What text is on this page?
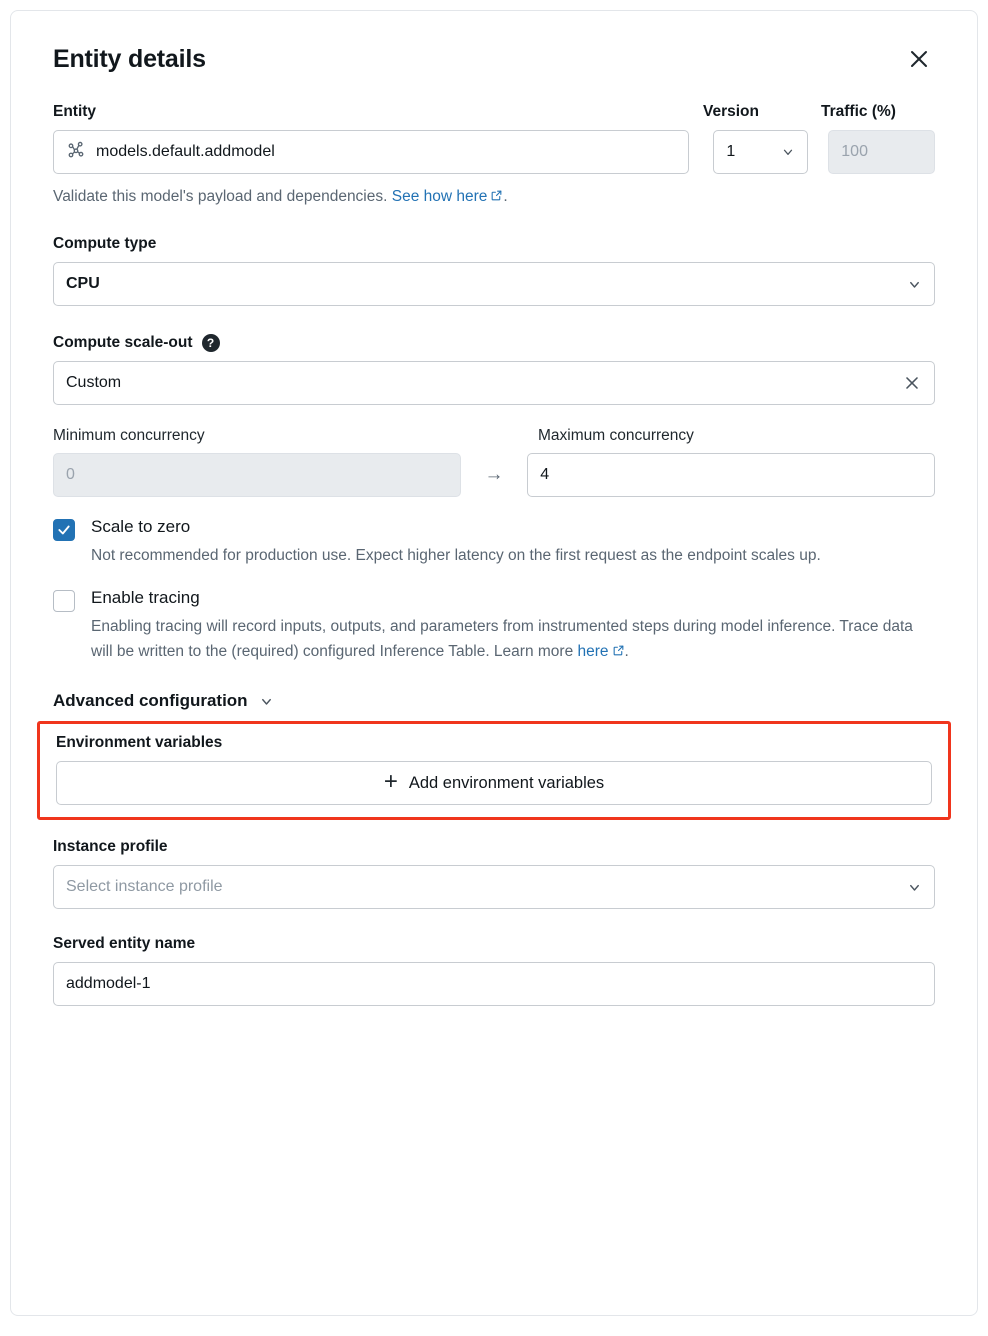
Entity details
Entity	Version	Traffic (%)
models.default.addmodel	1	100
Validate this model's payload and dependencies. See how here .
Compute type
CPU
Compute scale-out	?
Custom
Minimum concurrency	Maximum concurrency
0	→	4
Scale to zero
Not recommended for production use. Expect higher latency on the first request as the endpoint scales up.
Enable tracing
Enabling tracing will record inputs, outputs, and parameters from instrumented steps during model inference. Trace data will be written to the (required) configured Inference Table. Learn more here .
Advanced configuration
Environment variables
+ Add environment variables
Instance profile
Select instance profile
Served entity name
addmodel-1
